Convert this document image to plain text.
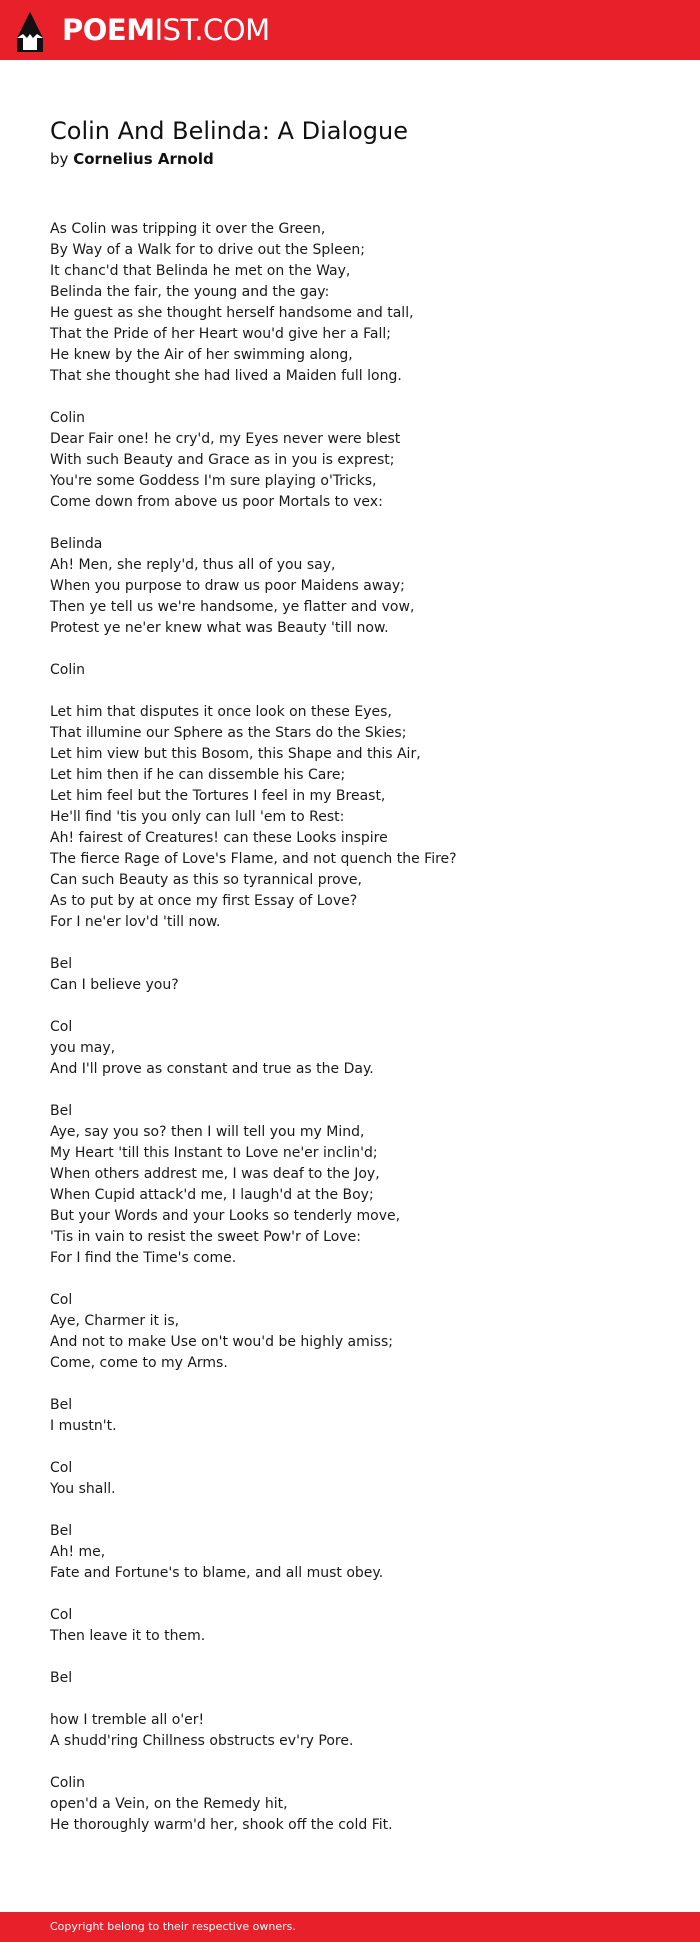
POEMIST.COM
Colin And Belinda: A Dialogue
by Cornelius Arnold
As Colin was tripping it over the Green,
By Way of a Walk for to drive out the Spleen;
It chanc'd that Belinda he met on the Way,
Belinda the fair, the young and the gay:
He guest as she thought herself handsome and tall,
That the Pride of her Heart wou'd give her a Fall;
He knew by the Air of her swimming along,
That she thought she had lived a Maiden full long.
Colin
Dear Fair one! he cry'd, my Eyes never were blest
With such Beauty and Grace as in you is exprest;
You're some Goddess I'm sure playing o'Tricks,
Come down from above us poor Mortals to vex:
Belinda
Ah! Men, she reply'd, thus all of you say,
When you purpose to draw us poor Maidens away;
Then ye tell us we're handsome, ye flatter and vow,
Protest ye ne'er knew what was Beauty 'till now.
Colin
Let him that disputes it once look on these Eyes,
That illumine our Sphere as the Stars do the Skies;
Let him view but this Bosom, this Shape and this Air,
Let him then if he can dissemble his Care;
Let him feel but the Tortures I feel in my Breast,
He'll find 'tis you only can lull 'em to Rest:
Ah! fairest of Creatures! can these Looks inspire
The fierce Rage of Love's Flame, and not quench the Fire?
Can such Beauty as this so tyrannical prove,
As to put by at once my first Essay of Love?
For I ne'er lov'd 'till now.
Bel
Can I believe you?
Col
you may,
And I'll prove as constant and true as the Day.
Bel
Aye, say you so? then I will tell you my Mind,
My Heart 'till this Instant to Love ne'er inclin'd;
When others addrest me, I was deaf to the Joy,
When Cupid attack'd me, I laugh'd at the Boy;
But your Words and your Looks so tenderly move,
'Tis in vain to resist the sweet Pow'r of Love:
For I find the Time's come.
Col
Aye, Charmer it is,
And not to make Use on't wou'd be highly amiss;
Come, come to my Arms.
Bel
I mustn't.
Col
You shall.
Bel
Ah! me,
Fate and Fortune's to blame, and all must obey.
Col
Then leave it to them.
Bel
how I tremble all o'er!
A shudd'ring Chillness obstructs ev'ry Pore.
Colin
open'd a Vein, on the Remedy hit,
He thoroughly warm'd her, shook off the cold Fit.
Copyright belong to their respective owners.
